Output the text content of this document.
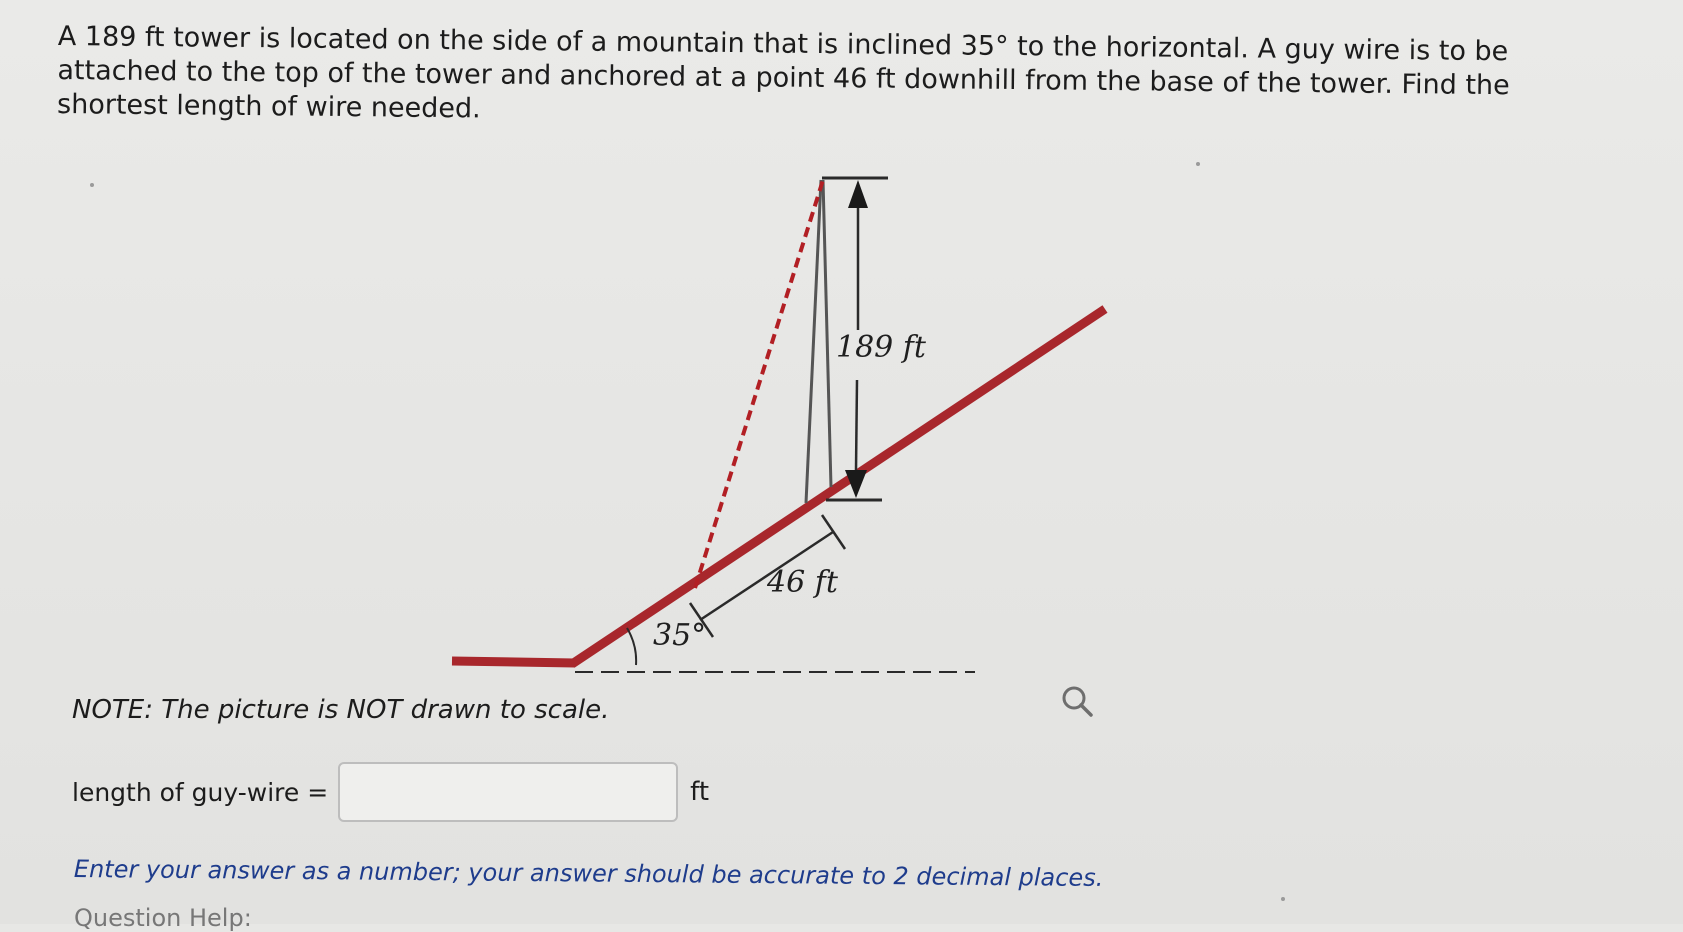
A 189 ft tower is located on the side of a mountain that is inclined 35° to the horizontal. A guy wire is to be attached to the top of the tower and anchored at a point 46 ft downhill from the base of the tower. Find the shortest length of wire needed.

189 ft
46 ft
35°

NOTE: The picture is NOT drawn to scale.

length of guy-wire =	ft

Enter your answer as a number; your answer should be accurate to 2 decimal places.

Question Help:
